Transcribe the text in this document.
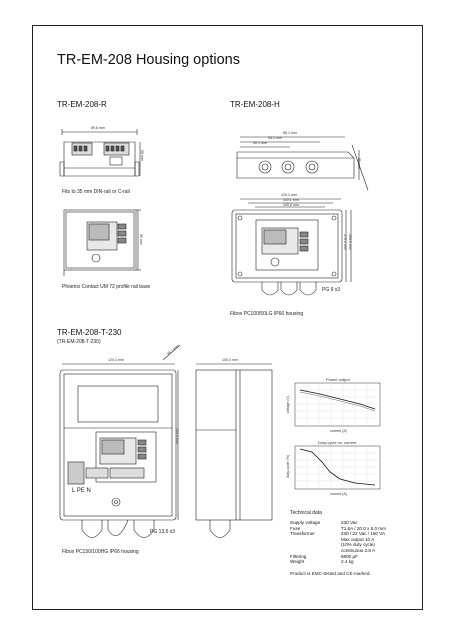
TR-EM-208 Housing options
TR-EM-208-R	TR-EM-208-H
TR-EM-208-T-230
(TR-EM-208-T-230)
89,6 mm
58 mm
90 mm
85,1 mm
55,1 mm
40,1 mm
80 mm
120,1 mm
110,1 mm
100,0 mm
170,0 mm 160,0 mm
120,1 mm	100,0 mm
200,0 mm
99,1 mm
Fits to 35 mm DIN-rail or C-rail
Phoenix Contact UM 72 profile rail base	PG 9 x3
Fibox PC100/50LG IP66 housing
PG 13,5 x3
Fibox PC150/100HG IP66 housing
L PE N
Power output
voltage (V)
current (A)
Duty-cycle vs. current
duty-cycle (%)
current (A)
Technical data
Supply voltage	230 Vac
Fuse	T1.6A / 20.0 x 5.0 mm
Transformer	230 / 22 Vac / 150 VA
Max output 10 A
(10% duty cycle)
continuous 3.8 A
Filtering	6800 µF
Weight	2.4 kg
Product is EMC-tested and CE-marked.
